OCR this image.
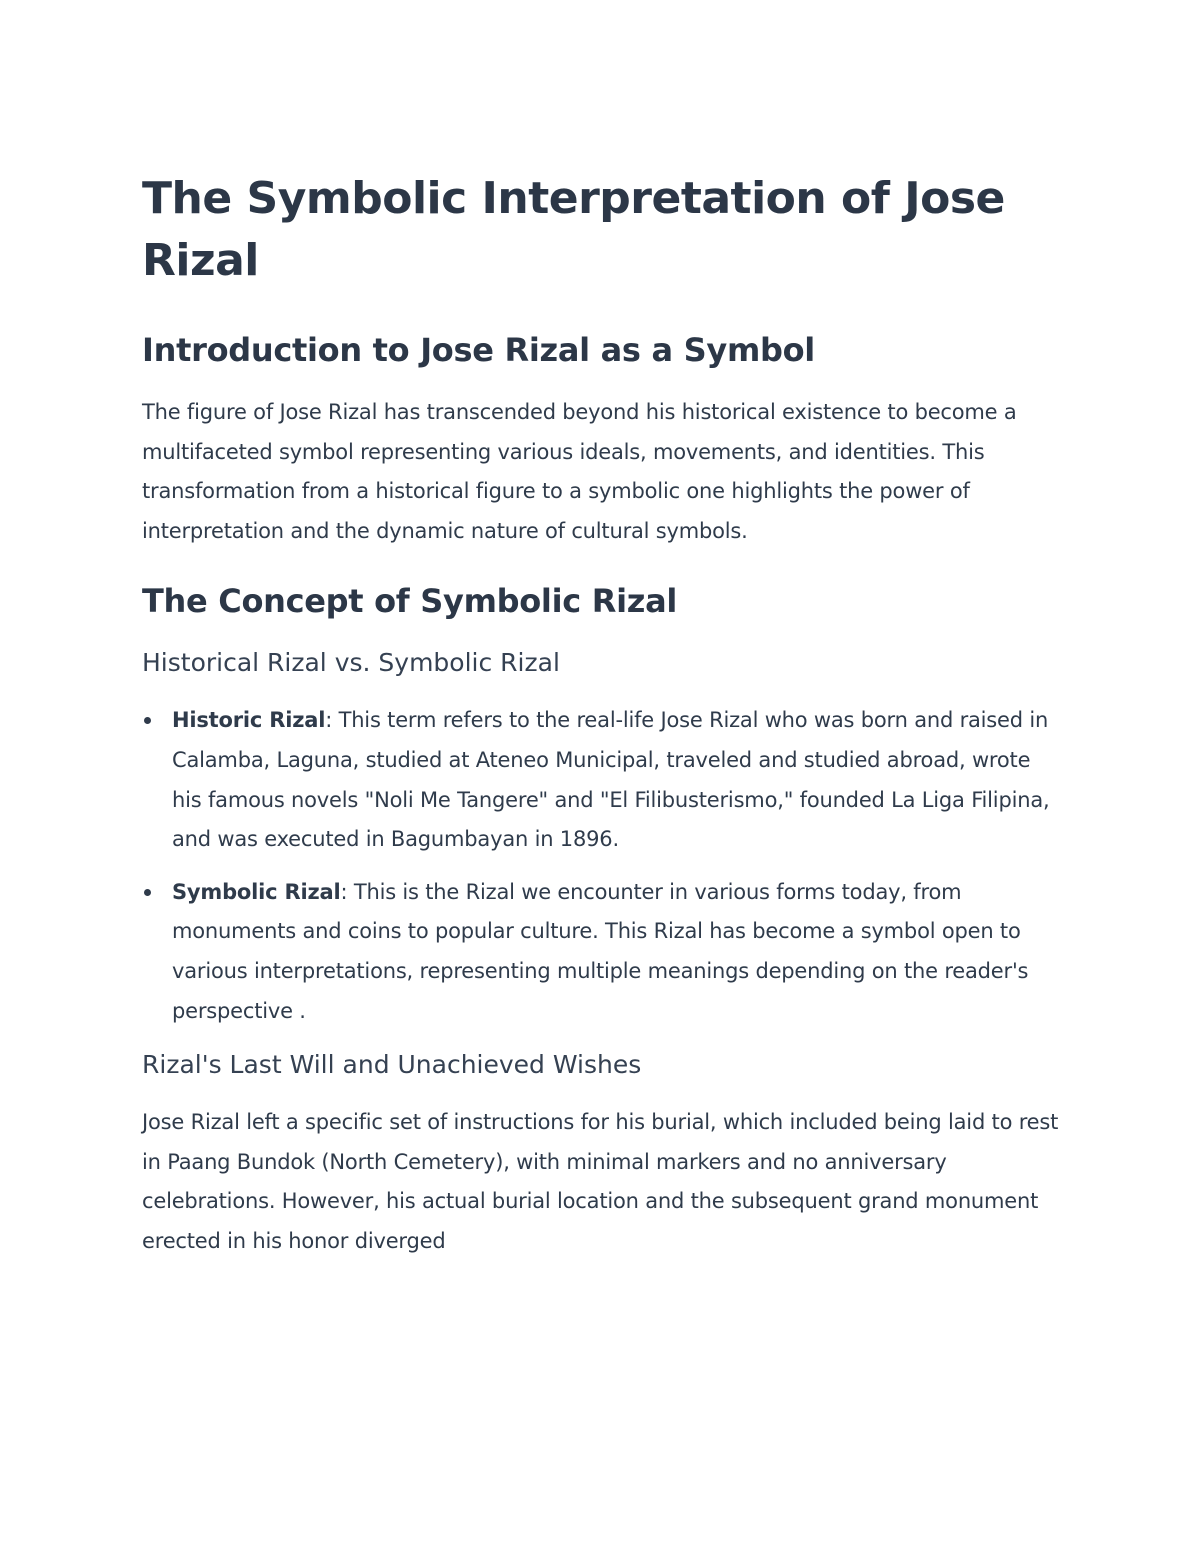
The Symbolic Interpretation of Jose Rizal
Introduction to Jose Rizal as a Symbol

The figure of Jose Rizal has transcended beyond his historical existence to become a multifaceted symbol representing various ideals, movements, and identities. This transformation from a historical figure to a symbolic one highlights the power of interpretation and the dynamic nature of cultural symbols.

The Concept of Symbolic Rizal
Historical Rizal vs. Symbolic Rizal
Historic Rizal: This term refers to the real-life Jose Rizal who was born and raised in Calamba, Laguna, studied at Ateneo Municipal, traveled and studied abroad, wrote his famous novels "Noli Me Tangere" and "El Filibusterismo," founded La Liga Filipina, and was executed in Bagumbayan in 1896.
Symbolic Rizal: This is the Rizal we encounter in various forms today, from monuments and coins to popular culture. This Rizal has become a symbol open to various interpretations, representing multiple meanings depending on the reader's perspective .
Rizal's Last Will and Unachieved Wishes

Jose Rizal left a specific set of instructions for his burial, which included being laid to rest in Paang Bundok (North Cemetery), with minimal markers and no anniversary celebrations. However, his actual burial location and the subsequent grand monument erected in his honor diverged
